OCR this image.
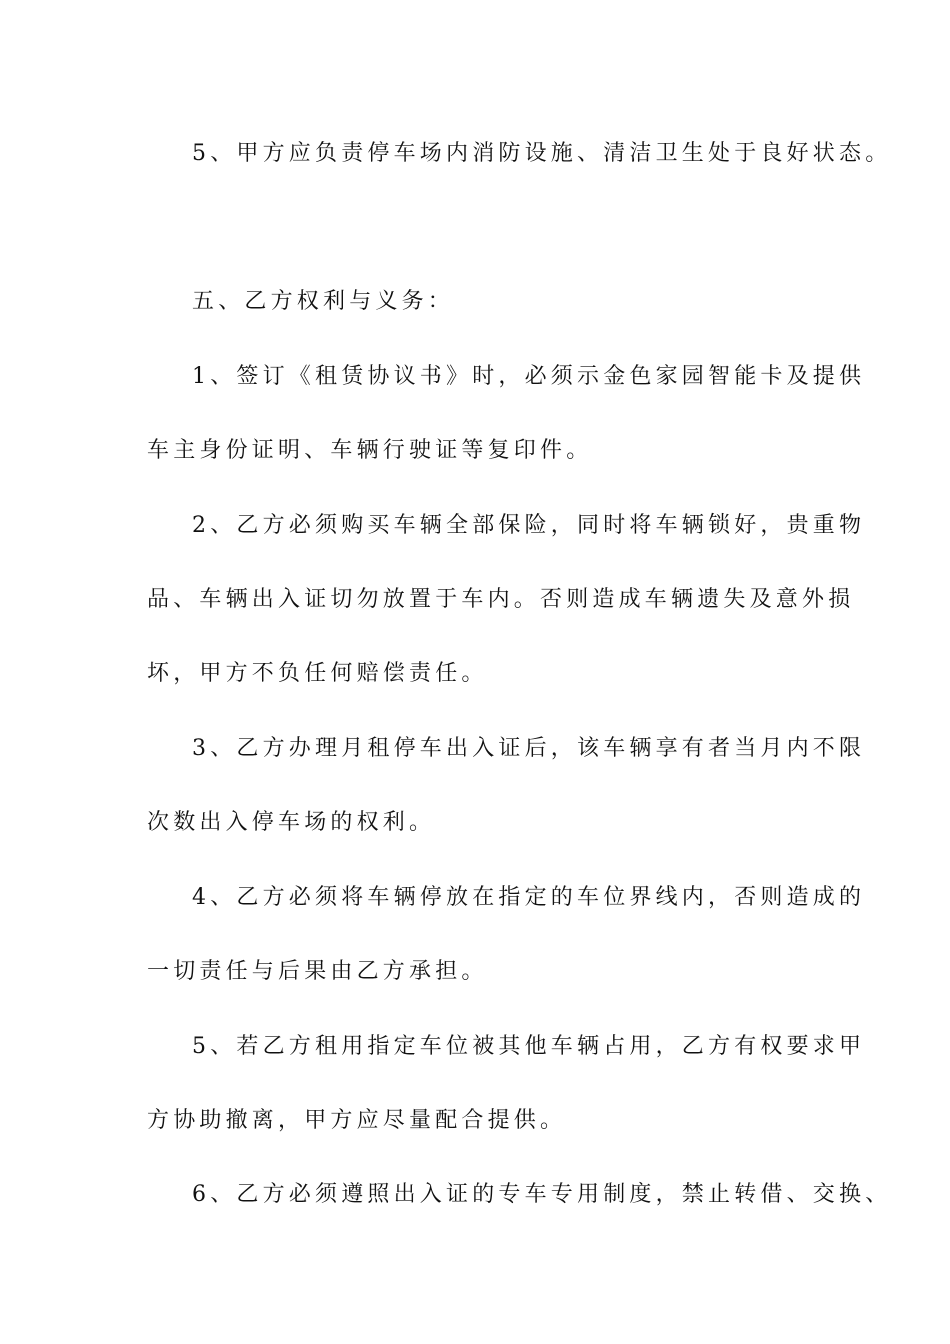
5、甲方应负责停车场内消防设施、清洁卫生处于良好状态。
五、乙方权利与义务：
1、签订《租赁协议书》时，必须示金色家园智能卡及提供
车主身份证明、车辆行驶证等复印件。
2、乙方必须购买车辆全部保险，同时将车辆锁好，贵重物
品、车辆出入证切勿放置于车内。否则造成车辆遗失及意外损
坏，甲方不负任何赔偿责任。
3、乙方办理月租停车出入证后，该车辆享有者当月内不限
次数出入停车场的权利。
4、乙方必须将车辆停放在指定的车位界线内，否则造成的
一切责任与后果由乙方承担。
5、若乙方租用指定车位被其他车辆占用，乙方有权要求甲
方协助撤离，甲方应尽量配合提供。
6、乙方必须遵照出入证的专车专用制度，禁止转借、交换、
